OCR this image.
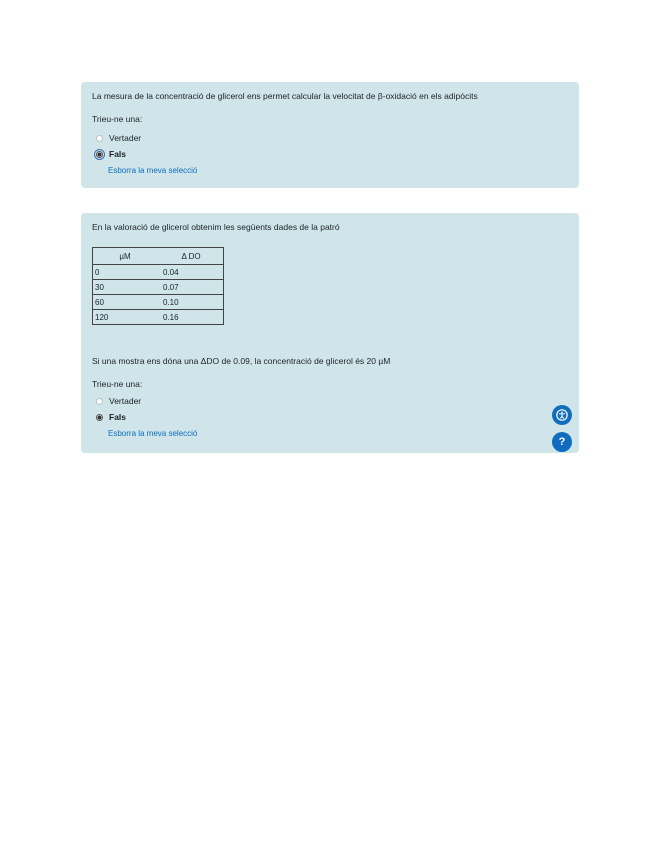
La mesura de la concentració de glicerol ens permet calcular la velocitat de β-oxidació en els adipòcits

Trieu-ne una:

Vertader
Fals
Esborra la meva selecció

En la valoració de glicerol obtenim les següents dades de la patró

µM	Δ DO
0	0.04
30	0.07
60	0.10
120	0.16

Si una mostra ens dóna una ΔDO de 0.09, la concentració de glicerol és 20 µM

Trieu-ne una:

Vertader
Fals
Esborra la meva selecció
?
